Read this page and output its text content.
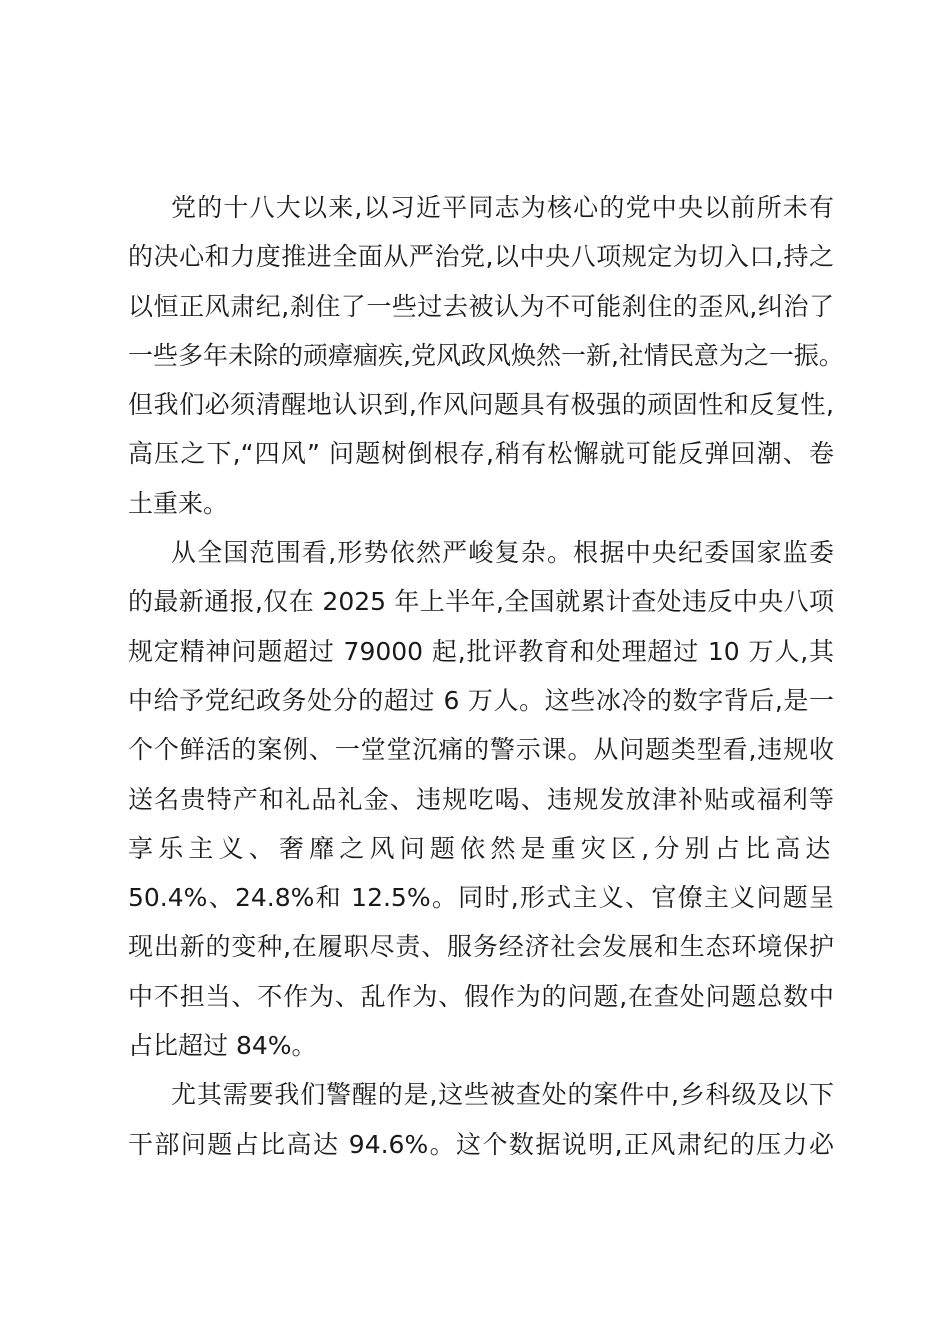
党的十八大以来,以习近平同志为核心的党中央以前所未有
的决心和力度推进全面从严治党,以中央八项规定为切入口,持之
以恒正风肃纪,刹住了一些过去被认为不可能刹住的歪风,纠治了
一些多年未除的顽瘴痼疾,党风政风焕然一新,社情民意为之一振。
但我们必须清醒地认识到,作风问题具有极强的顽固性和反复性,
高压之下,“四风” 问题树倒根存,稍有松懈就可能反弹回潮、卷
土重来。
从全国范围看,形势依然严峻复杂。根据中央纪委国家监委
的最新通报,仅在 2025 年上半年,全国就累计查处违反中央八项
规定精神问题超过 79000 起,批评教育和处理超过 10 万人,其
中给予党纪政务处分的超过 6 万人。这些冰冷的数字背后,是一
个个鲜活的案例、一堂堂沉痛的警示课。从问题类型看,违规收
送名贵特产和礼品礼金、违规吃喝、违规发放津补贴或福利等
享乐主义、奢靡之风问题依然是重灾区,分别占比高达
50.4%、24.8%和 12.5%。同时,形式主义、官僚主义问题呈
现出新的变种,在履职尽责、服务经济社会发展和生态环境保护
中不担当、不作为、乱作为、假作为的问题,在查处问题总数中
占比超过 84%。
尤其需要我们警醒的是,这些被查处的案件中,乡科级及以下
干部问题占比高达 94.6%。这个数据说明,正风肃纪的压力必
